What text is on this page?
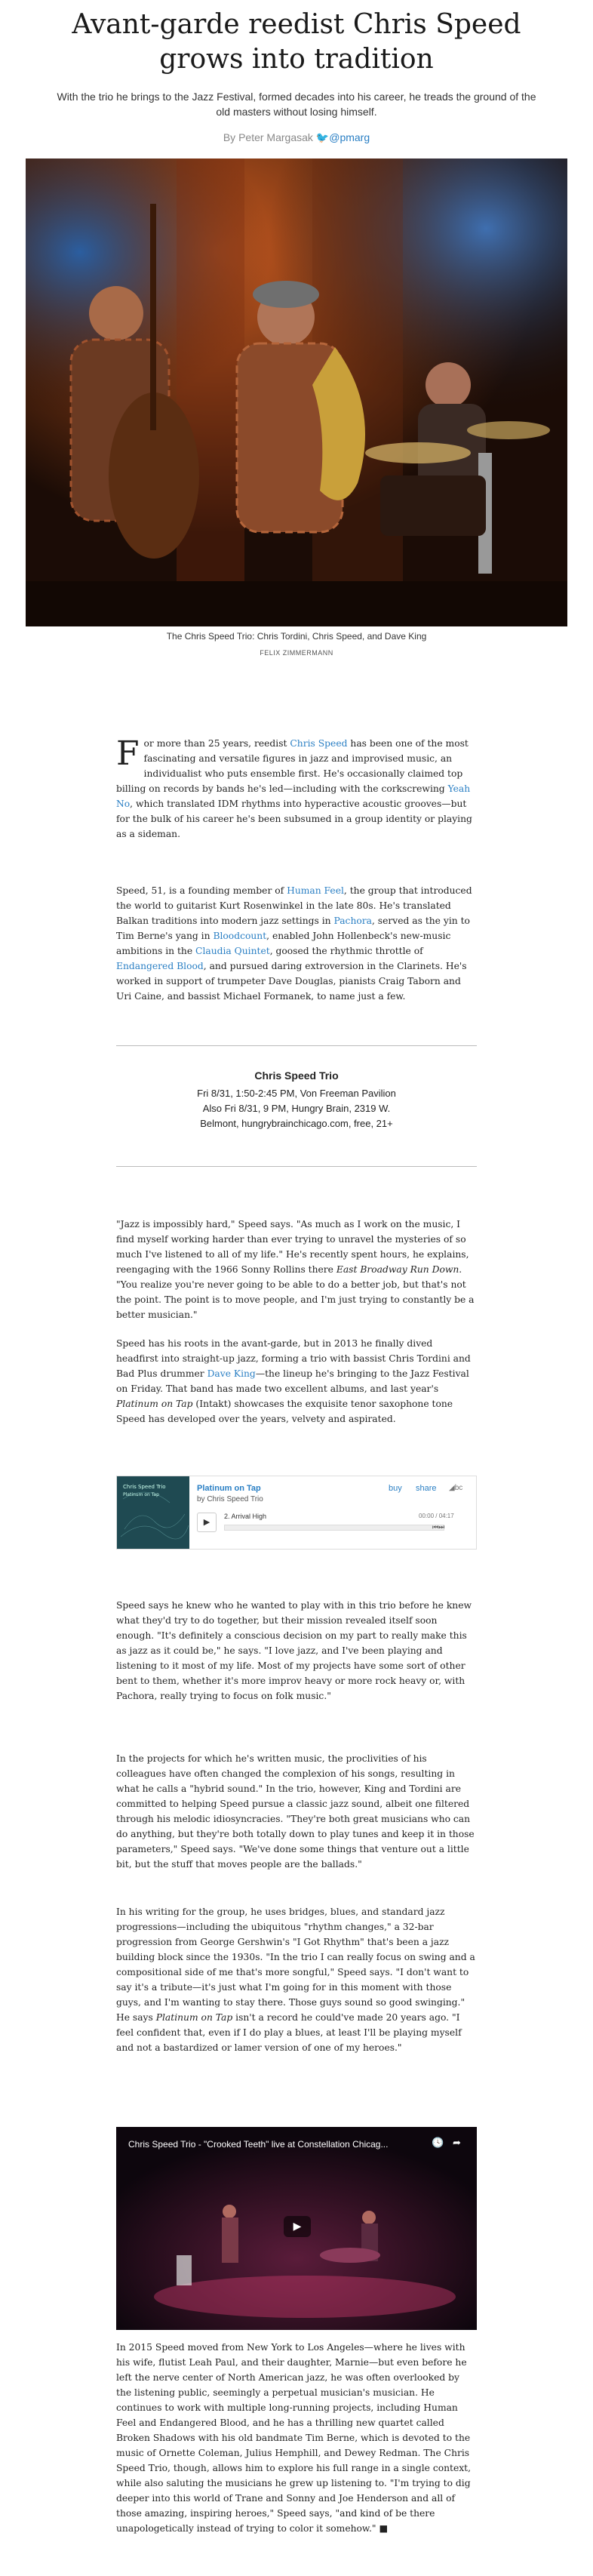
Avant-garde reedist Chris Speed grows into tradition
With the trio he brings to the Jazz Festival, formed decades into his career, he treads the ground of the old masters without losing himself.
By Peter Margasak 🐦@pmarg
The Chris Speed Trio: Chris Tordini, Chris Speed, and Dave King
FELIX ZIMMERMANN

For more than 25 years, reedist Chris Speed has been one of the most fascinating and versatile figures in jazz and improvised music, an individualist who puts ensemble first. He's occasionally claimed top billing on records by bands he's led—including with the corkscrewing Yeah No, which translated IDM rhythms into hyperactive acoustic grooves—but for the bulk of his career he's been subsumed in a group identity or playing as a sideman.

Speed, 51, is a founding member of Human Feel, the group that introduced the world to guitarist Kurt Rosenwinkel in the late 80s. He's translated Balkan traditions into modern jazz settings in Pachora, served as the yin to Tim Berne's yang in Bloodcount, enabled John Hollenbeck's new-music ambitions in the Claudia Quintet, goosed the rhythmic throttle of Endangered Blood, and pursued daring extroversion in the Clarinets. He's worked in support of trumpeter Dave Douglas, pianists Craig Taborn and Uri Caine, and bassist Michael Formanek, to name just a few.

Chris Speed Trio
Fri 8/31, 1:50-2:45 PM, Von Freeman Pavilion
Also Fri 8/31, 9 PM, Hungry Brain, 2319 W.
Belmont, hungrybrainchicago.com, free, 21+

"Jazz is impossibly hard," Speed says. "As much as I work on the music, I find myself working harder than ever trying to unravel the mysteries of so much I've listened to all of my life." He's recently spent hours, he explains, reengaging with the 1966 Sonny Rollins there East Broadway Run Down. "You realize you're never going to be able to do a better job, but that's not the point. The point is to move people, and I'm just trying to constantly be a better musician."

Speed has his roots in the avant-garde, but in 2013 he finally dived headfirst into straight-up jazz, forming a trio with bassist Chris Tordini and Bad Plus drummer Dave King—the lineup he's bringing to the Jazz Festival on Friday. That band has made two excellent albums, and last year's Platinum on Tap (Intakt) showcases the exquisite tenor saxophone tone Speed has developed over the years, velvety and aspirated.

Chris Speed Trio
Platinum on Tap
Platinum on Tap
by Chris Speed Trio
buy share ◢bc
▶
2. Arrival High	00:00 / 04:17
⏮⏭

Speed says he knew who he wanted to play with in this trio before he knew what they'd try to do together, but their mission revealed itself soon enough. "It's definitely a conscious decision on my part to really make this as jazz as it could be," he says. "I love jazz, and I've been playing and listening to it most of my life. Most of my projects have some sort of other bent to them, whether it's more improv heavy or more rock heavy or, with Pachora, really trying to focus on folk music."

In the projects for which he's written music, the proclivities of his colleagues have often changed the complexion of his songs, resulting in what he calls a "hybrid sound." In the trio, however, King and Tordini are committed to helping Speed pursue a classic jazz sound, albeit one filtered through his melodic idiosyncracies. "They're both great musicians who can do anything, but they're both totally down to play tunes and keep it in those parameters," Speed says. "We've done some things that venture out a little bit, but the stuff that moves people are the ballads."

In his writing for the group, he uses bridges, blues, and standard jazz progressions—including the ubiquitous "rhythm changes," a 32-bar progression from George Gershwin's "I Got Rhythm" that's been a jazz building block since the 1930s. "In the trio I can really focus on swing and a compositional side of me that's more songful," Speed says. "I don't want to say it's a tribute—it's just what I'm going for in this moment with those guys, and I'm wanting to stay there. Those guys sound so good swinging." He says Platinum on Tap isn't a record he could've made 20 years ago. "I feel confident that, even if I do play a blues, at least I'll be playing myself and not a bastardized or lamer version of one of my heroes."

Chris Speed Trio - "Crooked Teeth" live at Constellation Chicag...	🕓 ➦
▶

In 2015 Speed moved from New York to Los Angeles—where he lives with his wife, flutist Leah Paul, and their daughter, Marnie—but even before he left the nerve center of North American jazz, he was often overlooked by the listening public, seemingly a perpetual musician's musician. He continues to work with multiple long-running projects, including Human Feel and Endangered Blood, and he has a thrilling new quartet called Broken Shadows with his old bandmate Tim Berne, which is devoted to the music of Ornette Coleman, Julius Hemphill, and Dewey Redman. The Chris Speed Trio, though, allows him to explore his full range in a single context, while also saluting the musicians he grew up listening to. "I'm trying to dig deeper into this world of Trane and Sonny and Joe Henderson and all of those amazing, inspiring heroes," Speed says, "and kind of be there unapologetically instead of trying to color it somehow." ■
